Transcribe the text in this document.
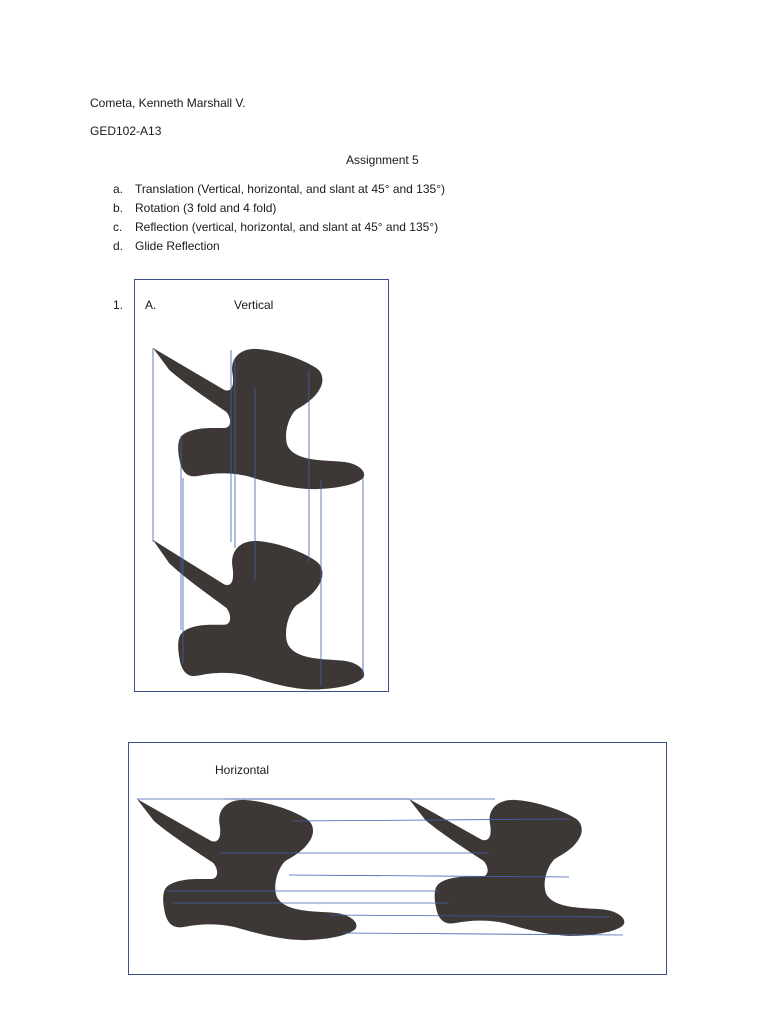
Cometa, Kenneth Marshall V.
GED102-A13
Assignment 5
a. Translation (Vertical, horizontal, and slant at 45° and 135°)
b. Rotation (3 fold and 4 fold)
c. Reflection (vertical, horizontal, and slant at 45° and 135°)
d. Glide Reflection
1. A.	Vertical
Horizontal
